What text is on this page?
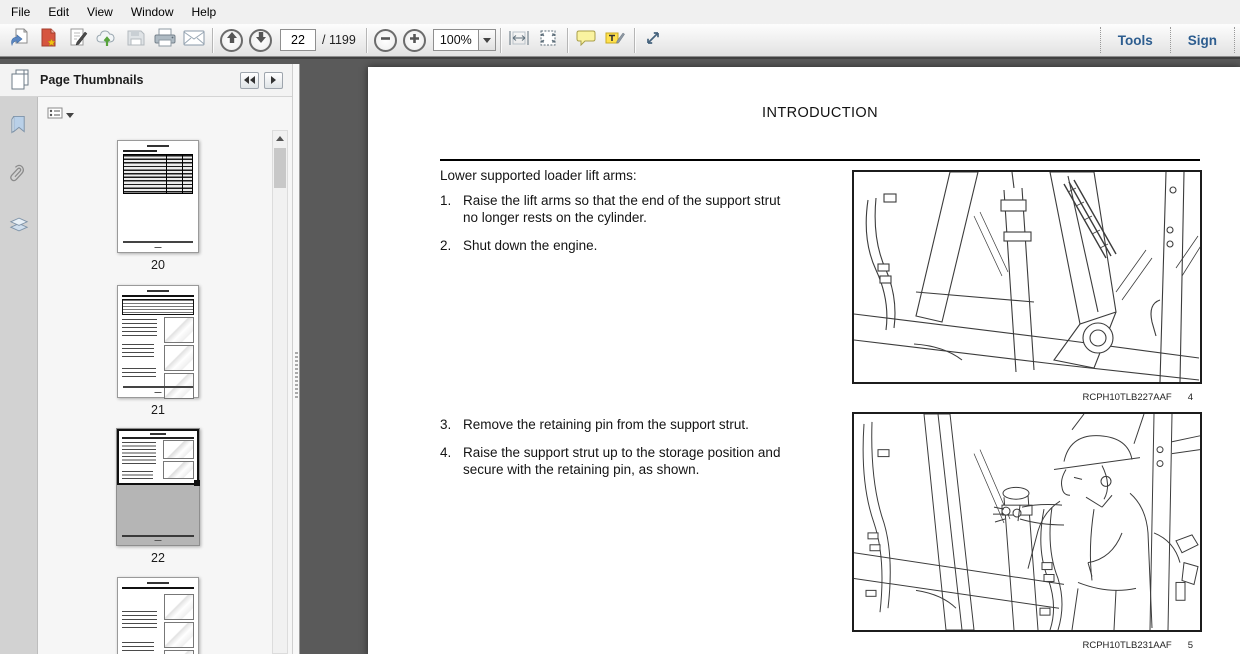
File	Edit	View	Window	Help
22
/ 1199	100%	Tools	Sign
Page Thumbnails
20
21
22
INTRODUCTION
Lower supported loader lift arms:
1. Raise the lift arms so that the end of the support strut no longer rests on the cylinder.
2. Shut down the engine.
3. Remove the retaining pin from the support strut.
4. Raise the support strut up to the storage position and secure with the retaining pin, as shown.
RCPH10TLB227AAF 4
RCPH10TLB231AAF 5
